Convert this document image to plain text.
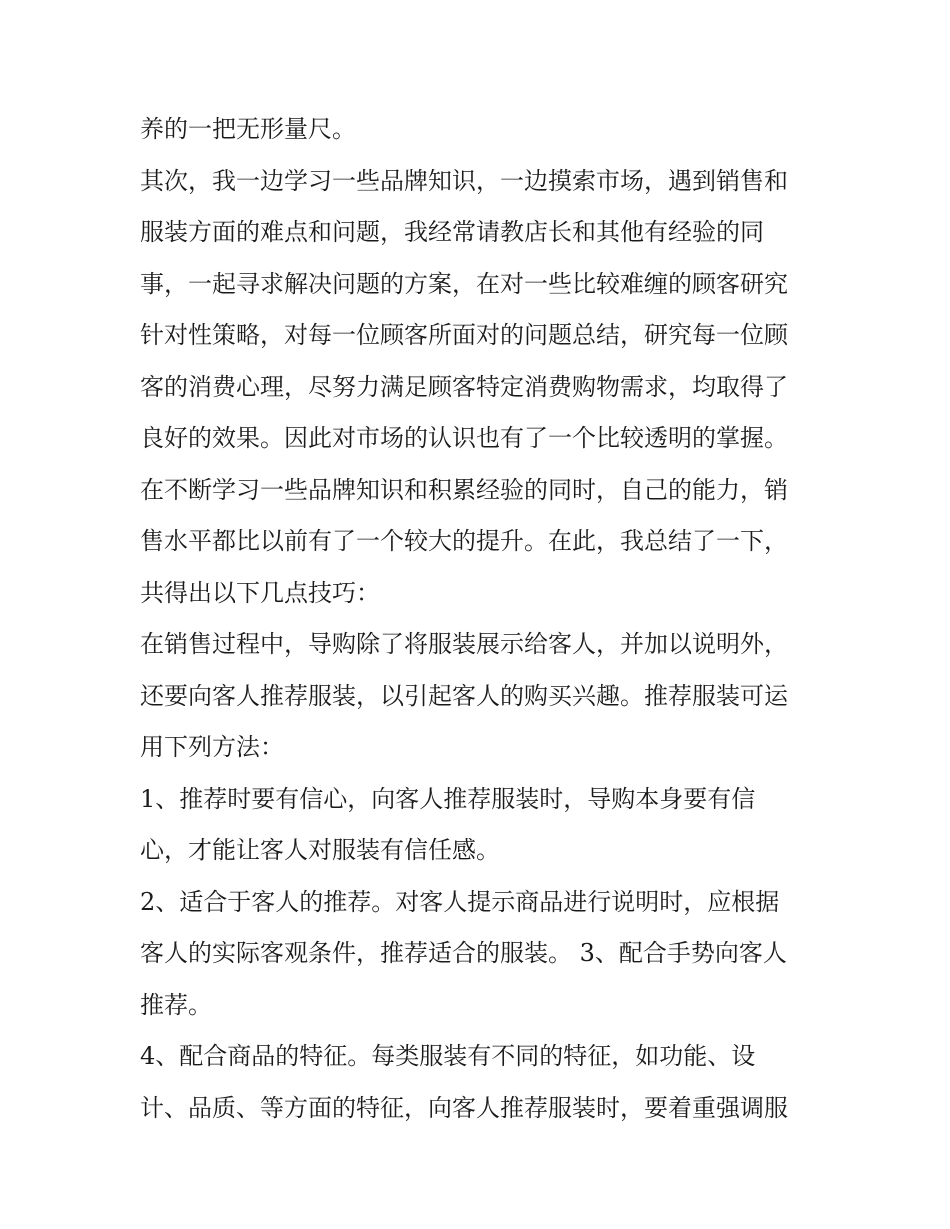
养的一把无形量尺。
其次，我一边学习一些品牌知识，一边摸索市场，遇到销售和
服装方面的难点和问题，我经常请教店长和其他有经验的同
事，一起寻求解决问题的方案，在对一些比较难缠的顾客研究
针对性策略，对每一位顾客所面对的问题总结，研究每一位顾
客的消费心理，尽努力满足顾客特定消费购物需求，均取得了
良好的效果。因此对市场的认识也有了一个比较透明的掌握。
在不断学习一些品牌知识和积累经验的同时，自己的能力，销
售水平都比以前有了一个较大的提升。在此，我总结了一下，
共得出以下几点技巧：
在销售过程中，导购除了将服装展示给客人，并加以说明外，
还要向客人推荐服装，以引起客人的购买兴趣。推荐服装可运
用下列方法：
1、推荐时要有信心，向客人推荐服装时，导购本身要有信
心，才能让客人对服装有信任感。
2、适合于客人的推荐。对客人提示商品进行说明时，应根据
客人的实际客观条件，推荐适合的服装。 3、配合手势向客人
推荐。
4、配合商品的特征。每类服装有不同的特征，如功能、设
计、品质、等方面的特征，向客人推荐服装时，要着重强调服
